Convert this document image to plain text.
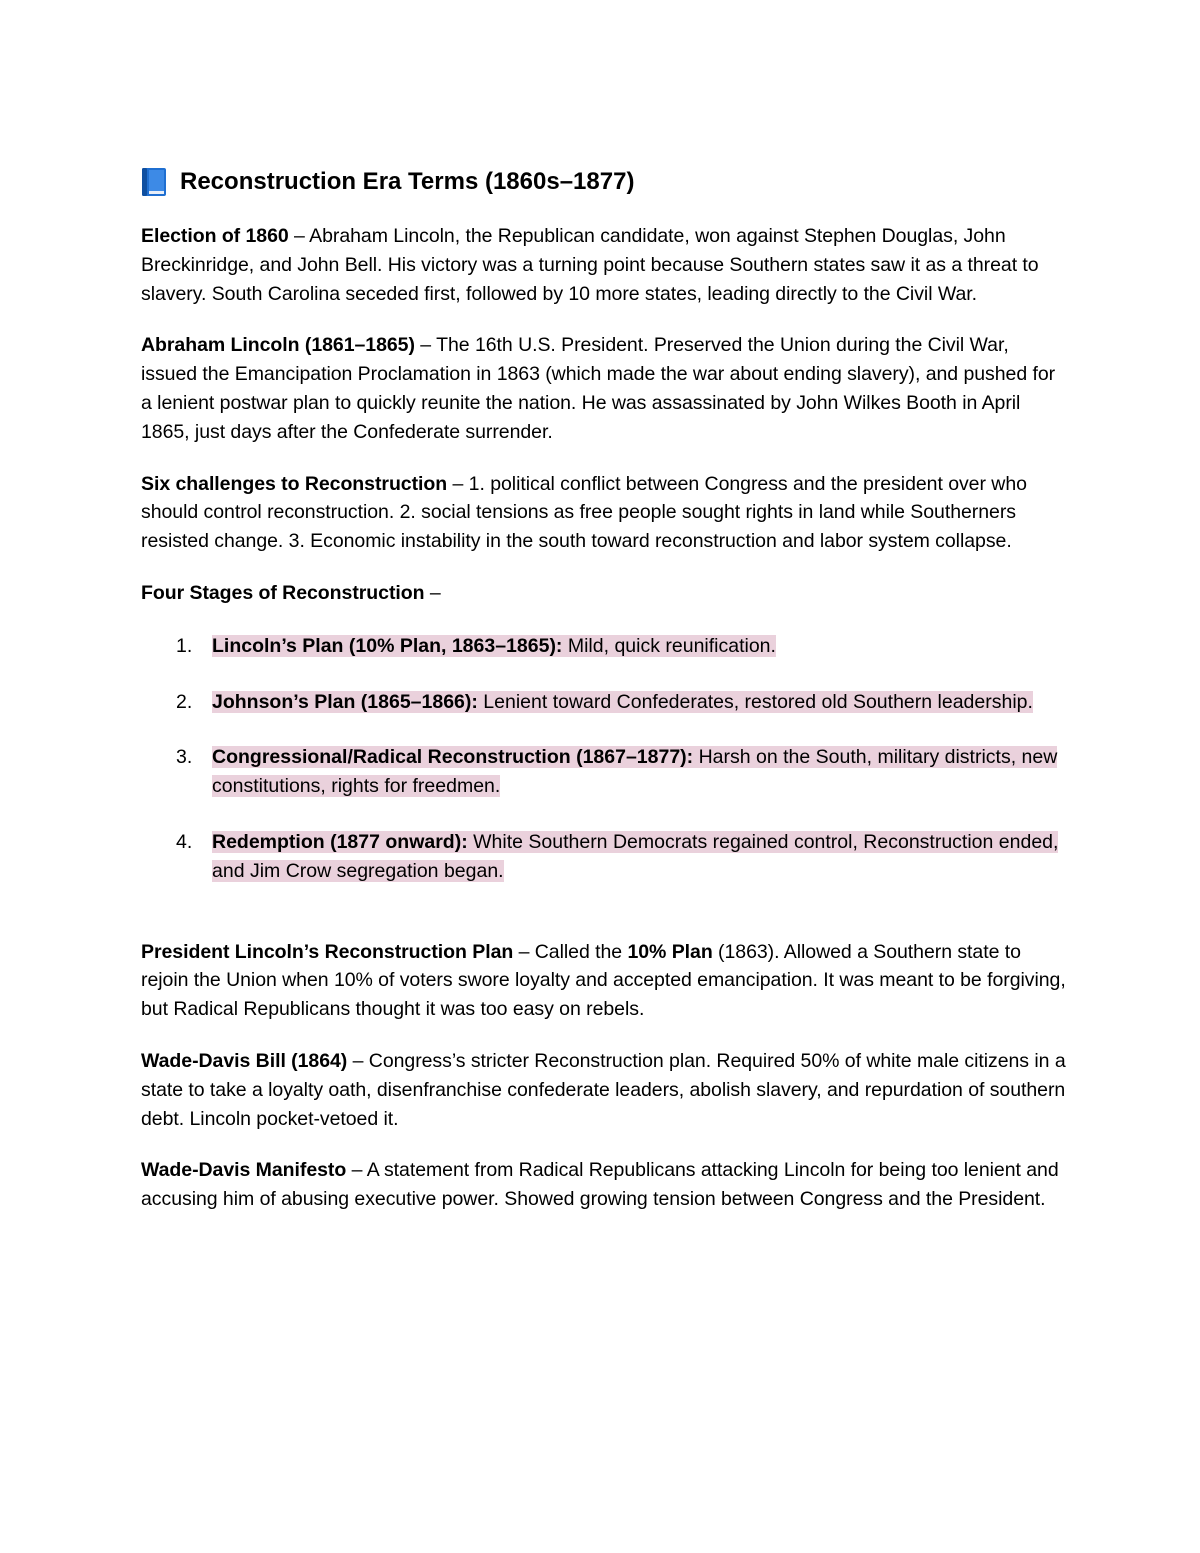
Reconstruction Era Terms (1860s–1877)

Election of 1860 – Abraham Lincoln, the Republican candidate, won against Stephen Douglas, John Breckinridge, and John Bell. His victory was a turning point because Southern states saw it as a threat to slavery. South Carolina seceded first, followed by 10 more states, leading directly to the Civil War.

Abraham Lincoln (1861–1865) – The 16th U.S. President. Preserved the Union during the Civil War, issued the Emancipation Proclamation in 1863 (which made the war about ending slavery), and pushed for a lenient postwar plan to quickly reunite the nation. He was assassinated by John Wilkes Booth in April 1865, just days after the Confederate surrender.

Six challenges to Reconstruction – 1. political conflict between Congress and the president over who should control reconstruction. 2. social tensions as free people sought rights in land while Southerners resisted change. 3. Economic instability in the south toward reconstruction and labor system collapse.

Four Stages of Reconstruction –

1. Lincoln’s Plan (10% Plan, 1863–1865): Mild, quick reunification.
2. Johnson’s Plan (1865–1866): Lenient toward Confederates, restored old Southern leadership.
3. Congressional/Radical Reconstruction (1867–1877): Harsh on the South, military districts, new constitutions, rights for freedmen.
4. Redemption (1877 onward): White Southern Democrats regained control, Reconstruction ended, and Jim Crow segregation began.

President Lincoln’s Reconstruction Plan – Called the 10% Plan (1863). Allowed a Southern state to rejoin the Union when 10% of voters swore loyalty and accepted emancipation. It was meant to be forgiving, but Radical Republicans thought it was too easy on rebels.

Wade-Davis Bill (1864) – Congress’s stricter Reconstruction plan. Required 50% of white male citizens in a state to take a loyalty oath, disenfranchise confederate leaders, abolish slavery, and repurdation of southern debt. Lincoln pocket-vetoed it.

Wade-Davis Manifesto – A statement from Radical Republicans attacking Lincoln for being too lenient and accusing him of abusing executive power. Showed growing tension between Congress and the President.
